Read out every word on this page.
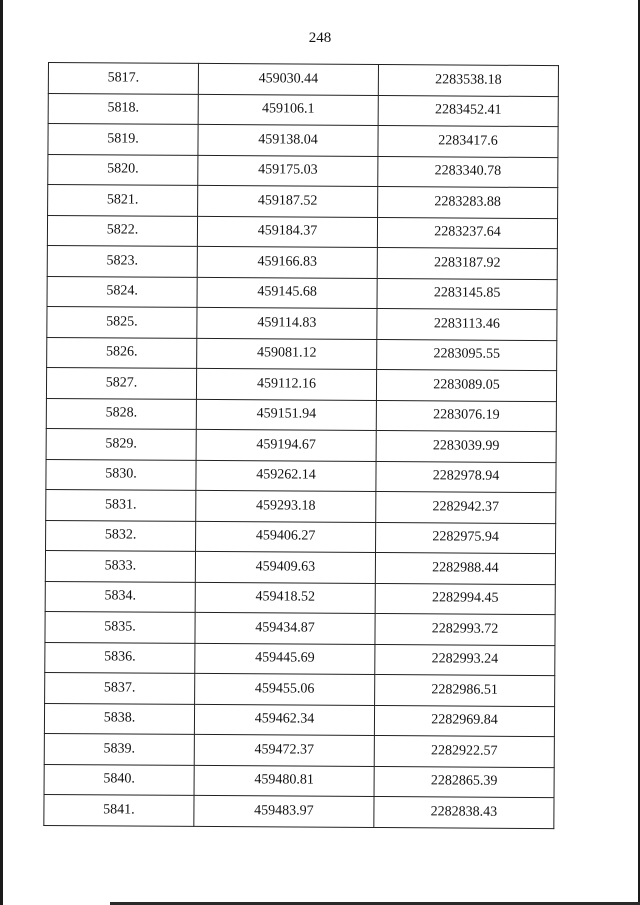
248
5817.	459030.44	2283538.18
5818.	459106.1	2283452.41
5819.	459138.04	2283417.6
5820.	459175.03	2283340.78
5821.	459187.52	2283283.88
5822.	459184.37	2283237.64
5823.	459166.83	2283187.92
5824.	459145.68	2283145.85
5825.	459114.83	2283113.46
5826.	459081.12	2283095.55
5827.	459112.16	2283089.05
5828.	459151.94	2283076.19
5829.	459194.67	2283039.99
5830.	459262.14	2282978.94
5831.	459293.18	2282942.37
5832.	459406.27	2282975.94
5833.	459409.63	2282988.44
5834.	459418.52	2282994.45
5835.	459434.87	2282993.72
5836.	459445.69	2282993.24
5837.	459455.06	2282986.51
5838.	459462.34	2282969.84
5839.	459472.37	2282922.57
5840.	459480.81	2282865.39
5841.	459483.97	2282838.43
